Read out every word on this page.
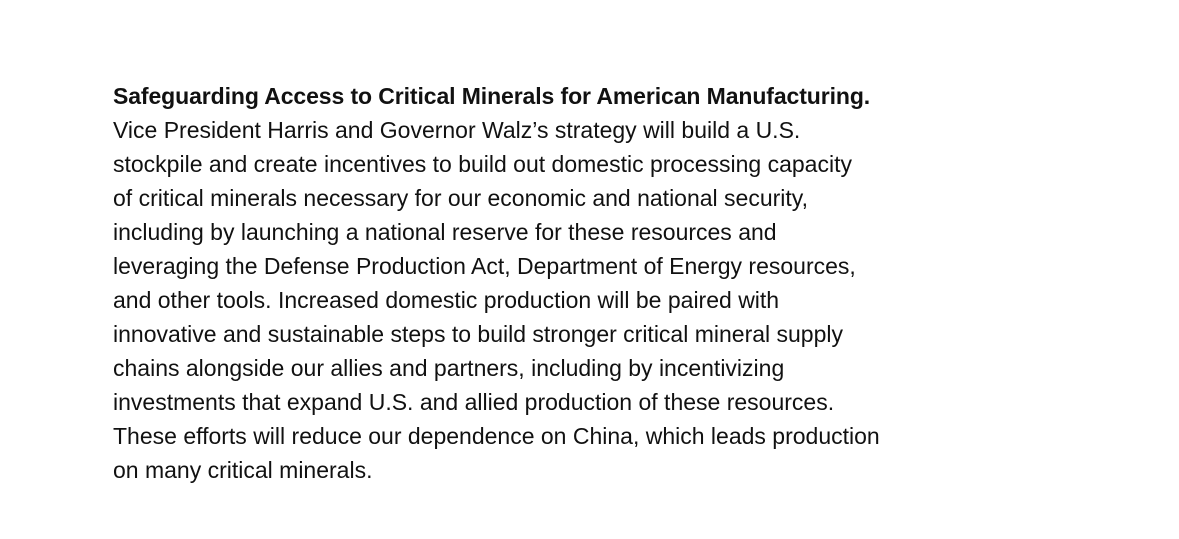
Safeguarding Access to Critical Minerals for American Manufacturing.
Vice President Harris and Governor Walz’s strategy will build a U.S.
stockpile and create incentives to build out domestic processing capacity
of critical minerals necessary for our economic and national security,
including by launching a national reserve for these resources and
leveraging the Defense Production Act, Department of Energy resources,
and other tools. Increased domestic production will be paired with
innovative and sustainable steps to build stronger critical mineral supply
chains alongside our allies and partners, including by incentivizing
investments that expand U.S. and allied production of these resources.
These efforts will reduce our dependence on China, which leads production
on many critical minerals.
